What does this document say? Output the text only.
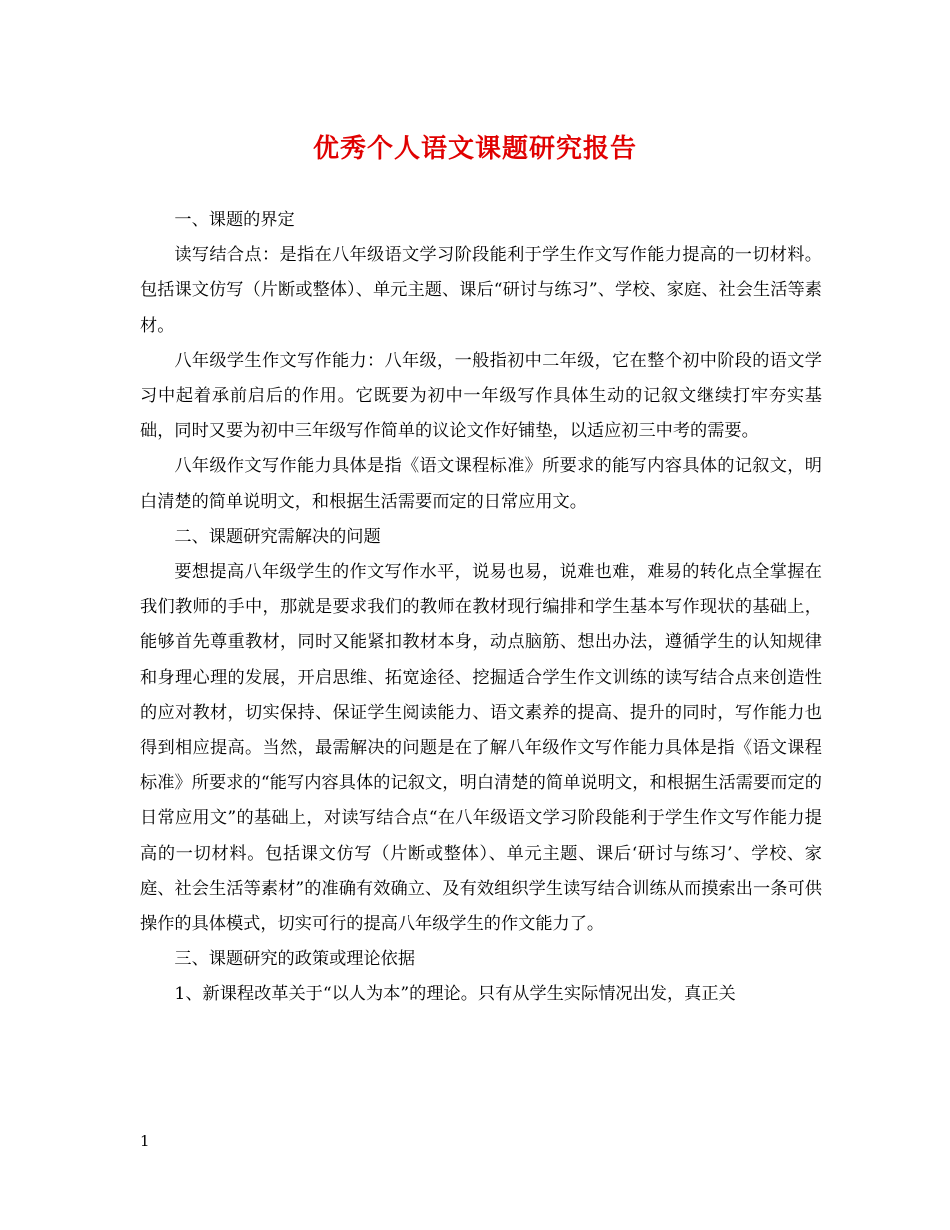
优秀个人语文课题研究报告

一、课题的界定

读写结合点：是指在八年级语文学习阶段能利于学生作文写作能力提高的一切材料。包括课文仿写（片断或整体）、单元主题、课后“研讨与练习”、学校、家庭、社会生活等素材。

八年级学生作文写作能力：八年级，一般指初中二年级，它在整个初中阶段的语文学习中起着承前启后的作用。它既要为初中一年级写作具体生动的记叙文继续打牢夯实基础，同时又要为初中三年级写作简单的议论文作好铺垫，以适应初三中考的需要。

八年级作文写作能力具体是指《语文课程标准》所要求的能写内容具体的记叙文，明白清楚的简单说明文，和根据生活需要而定的日常应用文。

二、课题研究需解决的问题

要想提高八年级学生的作文写作水平，说易也易，说难也难，难易的转化点全掌握在我们教师的手中，那就是要求我们的教师在教材现行编排和学生基本写作现状的基础上，能够首先尊重教材，同时又能紧扣教材本身，动点脑筋、想出办法，遵循学生的认知规律和身理心理的发展，开启思维、拓宽途径、挖掘适合学生作文训练的读写结合点来创造性的应对教材，切实保持、保证学生阅读能力、语文素养的提高、提升的同时，写作能力也得到相应提高。当然，最需解决的问题是在了解八年级作文写作能力具体是指《语文课程标准》所要求的“能写内容具体的记叙文，明白清楚的简单说明文，和根据生活需要而定的日常应用文”的基础上，对读写结合点“在八年级语文学习阶段能利于学生作文写作能力提高的一切材料。包括课文仿写（片断或整体）、单元主题、课后‘研讨与练习’、学校、家庭、社会生活等素材”的准确有效确立、及有效组织学生读写结合训练从而摸索出一条可供操作的具体模式，切实可行的提高八年级学生的作文能力了。

三、课题研究的政策或理论依据

1、新课程改革关于“以人为本”的理论。只有从学生实际情况出发，真正关

1
